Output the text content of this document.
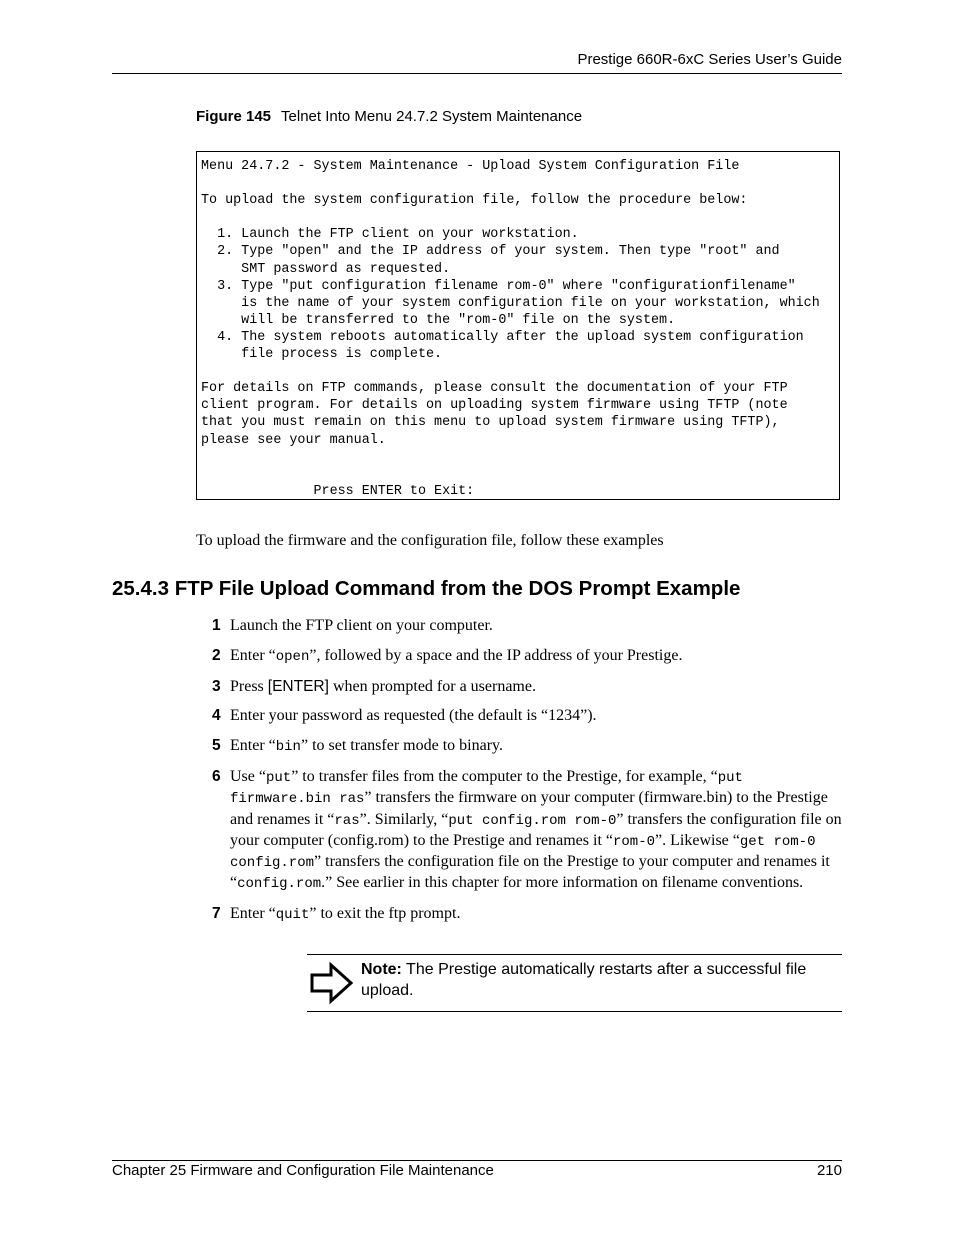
Prestige 660R-6xC Series User’s Guide
Figure 145 Telnet Into Menu 24.7.2 System Maintenance
Menu 24.7.2 - System Maintenance - Upload System Configuration File

To upload the system configuration file, follow the procedure below:

1. Launch the FTP client on your workstation.
2. Type "open" and the IP address of your system. Then type "root" and
SMT password as requested.
3. Type "put configuration filename rom-0" where "configurationfilename"
is the name of your system configuration file on your workstation, which
will be transferred to the "rom-0" file on the system.
4. The system reboots automatically after the upload system configuration
file process is complete.

For details on FTP commands, please consult the documentation of your FTP
client program. For details on uploading system firmware using TFTP (note
that you must remain on this menu to upload system firmware using TFTP),
please see your manual.

Press ENTER to Exit:
To upload the firmware and the configuration file, follow these examples
25.4.3 FTP File Upload Command from the DOS Prompt Example
1 Launch the FTP client on your computer.
2 Enter “open”, followed by a space and the IP address of your Prestige.
3 Press [ENTER] when prompted for a username.
4 Enter your password as requested (the default is “1234”).
5 Enter “bin” to set transfer mode to binary.
6 Use “put” to transfer files from the computer to the Prestige, for example, “put firmware.bin ras” transfers the firmware on your computer (firmware.bin) to the Prestige and renames it “ras”. Similarly, “put config.rom rom-0” transfers the configuration file on your computer (config.rom) to the Prestige and renames it “rom-0”. Likewise “get rom-0 config.rom” transfers the configuration file on the Prestige to your computer and renames it “config.rom.” See earlier in this chapter for more information on filename conventions.
7 Enter “quit” to exit the ftp prompt.
Note: The Prestige automatically restarts after a successful file upload.
Chapter 25 Firmware and Configuration File Maintenance	210
